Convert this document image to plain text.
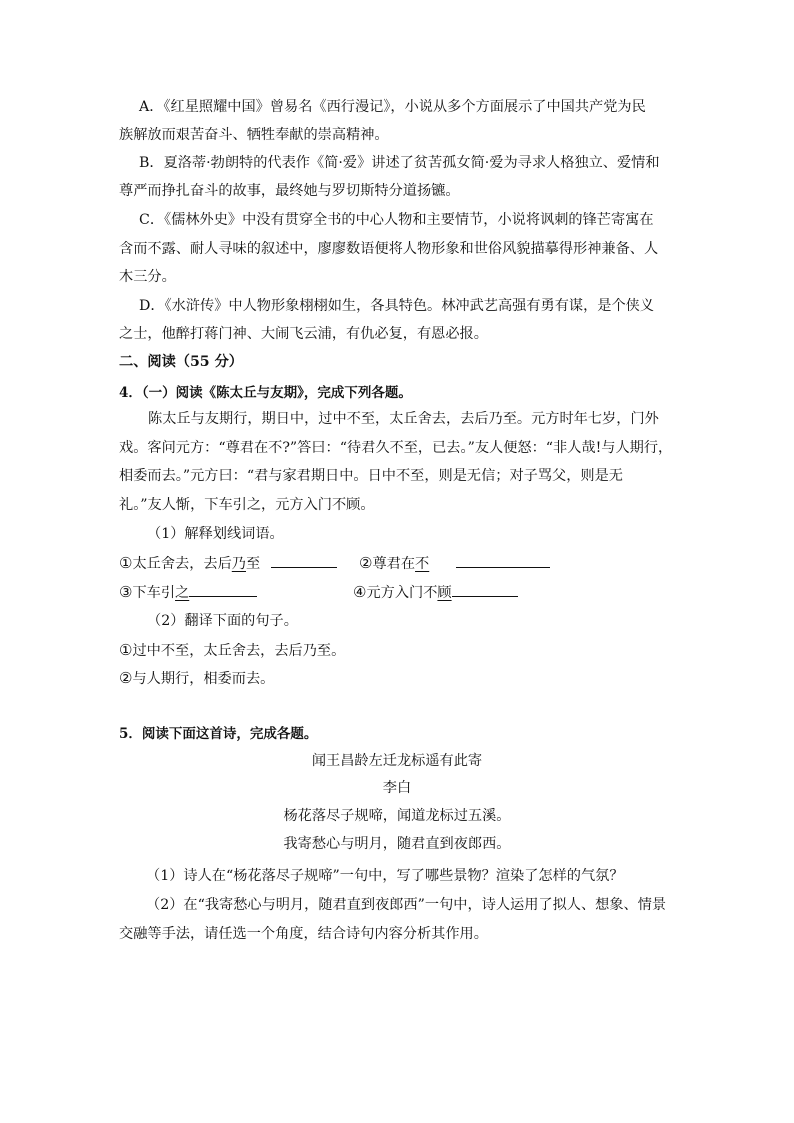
A．《红星照耀中国》曾易名《西行漫记》，小说从多个方面展示了中国共产党为民
族解放而艰苦奋斗、牺牲奉献的崇高精神。
B．夏洛蒂·勃朗特的代表作《简·爱》讲述了贫苦孤女简·爱为寻求人格独立、爱情和
尊严而挣扎奋斗的故事，最终她与罗切斯特分道扬镳。
C．《儒林外史》中没有贯穿全书的中心人物和主要情节，小说将讽刺的锋芒寄寓在
含而不露、耐人寻味的叙述中，廖廖数语便将人物形象和世俗风貌描摹得形神兼备、人
木三分。
D．《水浒传》中人物形象栩栩如生，各具特色。林冲武艺高强有勇有谋，是个侠义
之士，他醉打蒋门神、大闹飞云浦，有仇必复，有恩必报。
二、阅读（55 分）
4．（一）阅读《陈太丘与友期》，完成下列各题。
陈太丘与友期行，期日中，过中不至，太丘舍去，去后乃至。元方时年七岁，门外
戏。客问元方：“尊君在不?”答曰：“待君久不至，已去。”友人便怒：“非人哉!与人期行，
相委而去。”元方曰：“君与家君期日中。日中不至，则是无信；对子骂父，则是无
礼。”友人惭，下车引之，元方入门不顾。
（1）解释划线词语。
①太丘舍去，去后乃至	②尊君在不
③下车引之	④元方入门不顾
（2）翻译下面的句子。
①过中不至，太丘舍去，去后乃至。
②与人期行，相委而去。
5．阅读下面这首诗，完成各题。
闻王昌龄左迁龙标遥有此寄
李白
杨花落尽子规啼，闻道龙标过五溪。
我寄愁心与明月，随君直到夜郎西。
（1）诗人在“杨花落尽子规啼”一句中，写了哪些景物？渲染了怎样的气氛？
（2）在“我寄愁心与明月，随君直到夜郎西”一句中，诗人运用了拟人、想象、情景
交融等手法，请任选一个角度，结合诗句内容分析其作用。
